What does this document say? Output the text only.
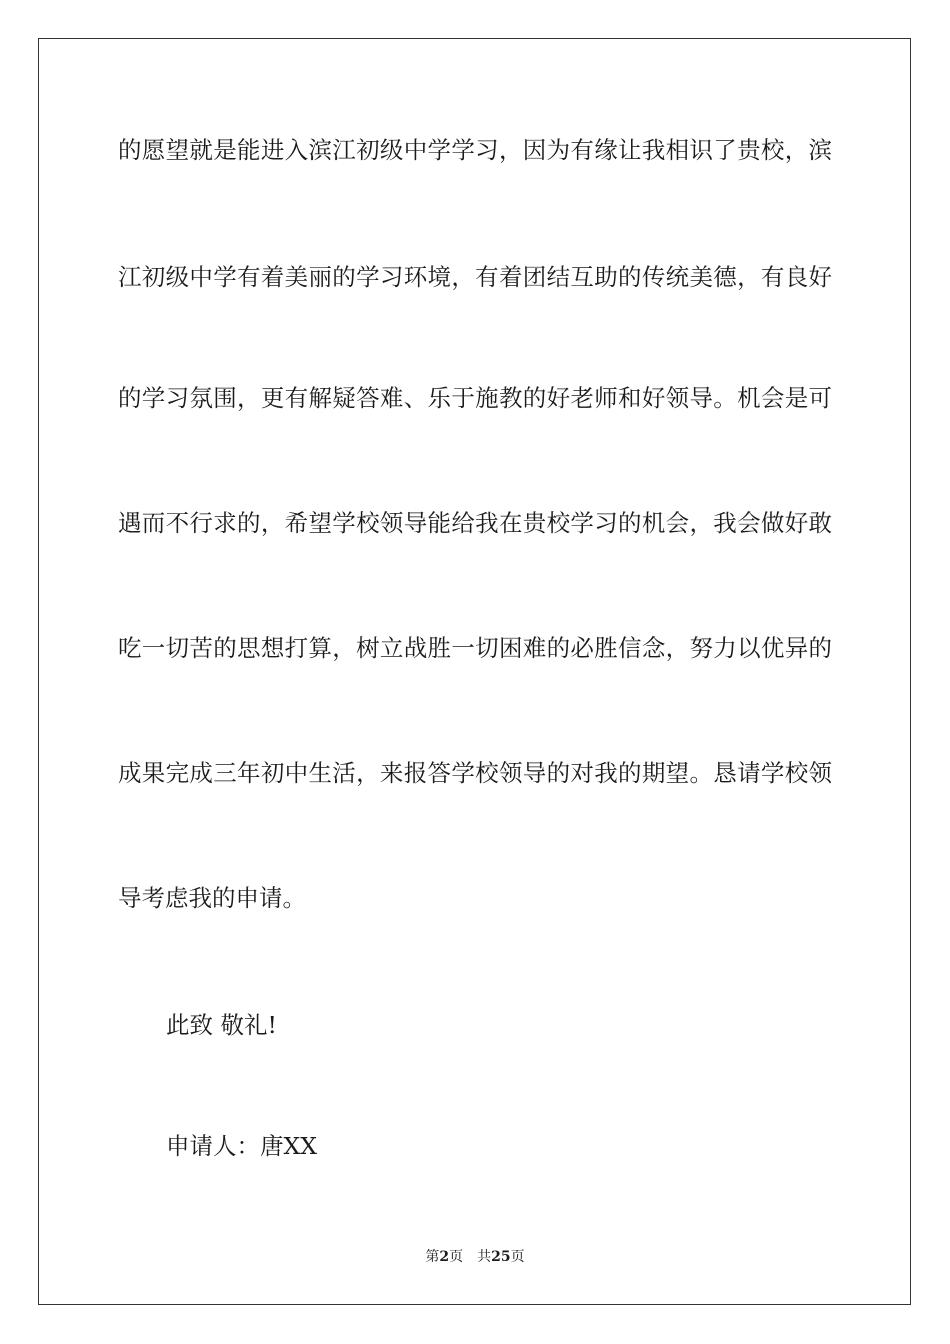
的愿望就是能进入滨江初级中学学习，因为有缘让我相识了贵校，滨
江初级中学有着美丽的学习环境，有着团结互助的传统美德，有良好
的学习氛围，更有解疑答难、乐于施教的好老师和好领导。机会是可
遇而不行求的，希望学校领导能给我在贵校学习的机会，我会做好敢
吃一切苦的思想打算，树立战胜一切困难的必胜信念，努力以优异的
成果完成三年初中生活，来报答学校领导的对我的期望。恳请学校领
导考虑我的申请。
此致 敬礼!
申请人：唐XX
第2页 共25页
